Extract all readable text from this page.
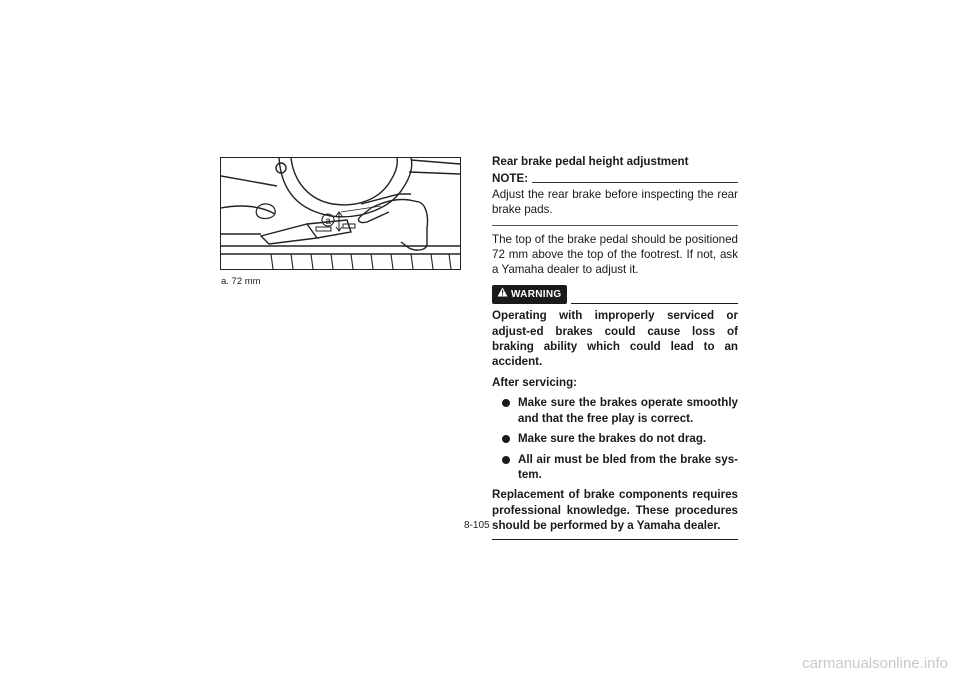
a
a. 72 mm
Rear brake pedal height adjustment
NOTE:

Adjust the rear brake before inspecting the rear brake pads.

The top of the brake pedal should be positioned 72 mm above the top of the footrest. If not, ask a Yamaha dealer to adjust it.

WARNING

Operating with improperly serviced or adjust-ed brakes could cause loss of braking ability which could lead to an accident.

After servicing:

Make sure the brakes operate smoothly and that the free play is correct.
Make sure the brakes do not drag.
All air must be bled from the brake sys-tem.

Replacement of brake components requires professional knowledge. These procedures should be performed by a Yamaha dealer.

8-105
carmanualsonline.info
